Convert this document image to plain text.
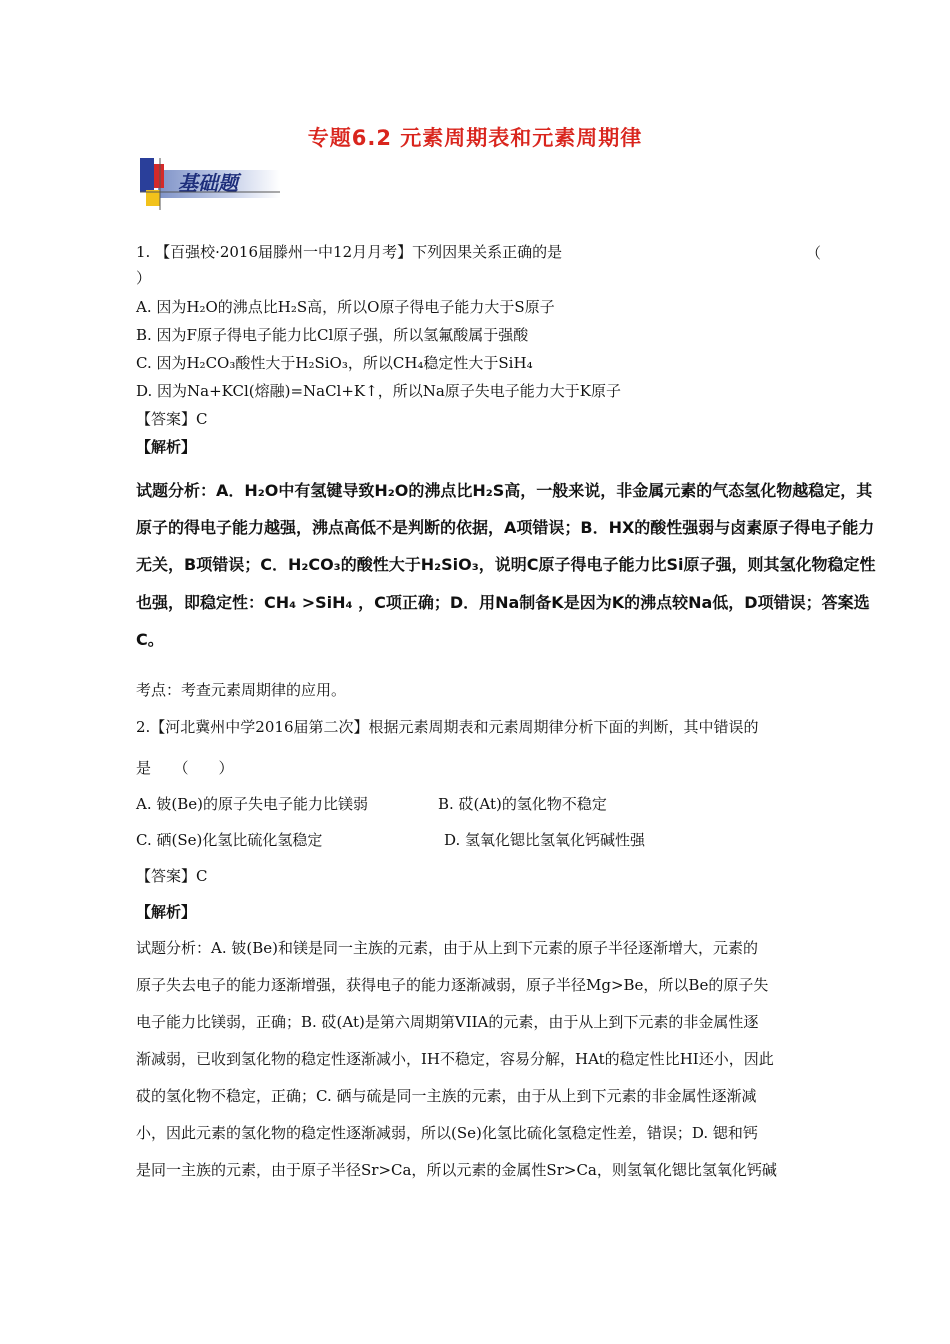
专题6.2 元素周期表和元素周期律
基础题
1. 【百强校·2016届滕州一中12月月考】下列因果关系正确的是	（
）
A. 因为H₂O的沸点比H₂S高，所以O原子得电子能力大于S原子
B. 因为F原子得电子能力比Cl原子强，所以氢氟酸属于强酸
C. 因为H₂CO₃酸性大于H₂SiO₃，所以CH₄稳定性大于SiH₄
D. 因为Na+KCl(熔融)=NaCl+K↑，所以Na原子失电子能力大于K原子
【答案】C
【解析】
试题分析：A．H₂O中有氢键导致H₂O的沸点比H₂S高，一般来说，非金属元素的气态氢化物越稳定，其
原子的得电子能力越强，沸点高低不是判断的依据，A项错误；B．HX的酸性强弱与卤素原子得电子能力
无关，B项错误；C．H₂CO₃的酸性大于H₂SiO₃，说明C原子得电子能力比Si原子强，则其氢化物稳定性
也强，即稳定性：CH₄ >SiH₄ ，C项正确；D．用Na制备K是因为K的沸点较Na低，D项错误；答案选
C。
考点：考查元素周期律的应用。
2.【河北冀州中学2016届第二次】根据元素周期表和元素周期律分析下面的判断，其中错误的
是　　（　　）
A. 铍(Be)的原子失电子能力比镁弱	B. 砹(At)的氢化物不稳定
C. 硒(Se)化氢比硫化氢稳定	D. 氢氧化锶比氢氧化钙碱性强
【答案】C
【解析】
试题分析：A. 铍(Be)和镁是同一主族的元素，由于从上到下元素的原子半径逐渐增大，元素的
原子失去电子的能力逐渐增强，获得电子的能力逐渐减弱，原子半径Mg>Be，所以Be的原子失
电子能力比镁弱，正确；B. 砹(At)是第六周期第VIIA的元素，由于从上到下元素的非金属性逐
渐减弱，已收到氢化物的稳定性逐渐减小，IH不稳定，容易分解，HAt的稳定性比HI还小，因此
砹的氢化物不稳定，正确；C. 硒与硫是同一主族的元素，由于从上到下元素的非金属性逐渐减
小，因此元素的氢化物的稳定性逐渐减弱，所以(Se)化氢比硫化氢稳定性差，错误；D. 锶和钙
是同一主族的元素，由于原子半径Sr>Ca，所以元素的金属性Sr>Ca，则氢氧化锶比氢氧化钙碱
